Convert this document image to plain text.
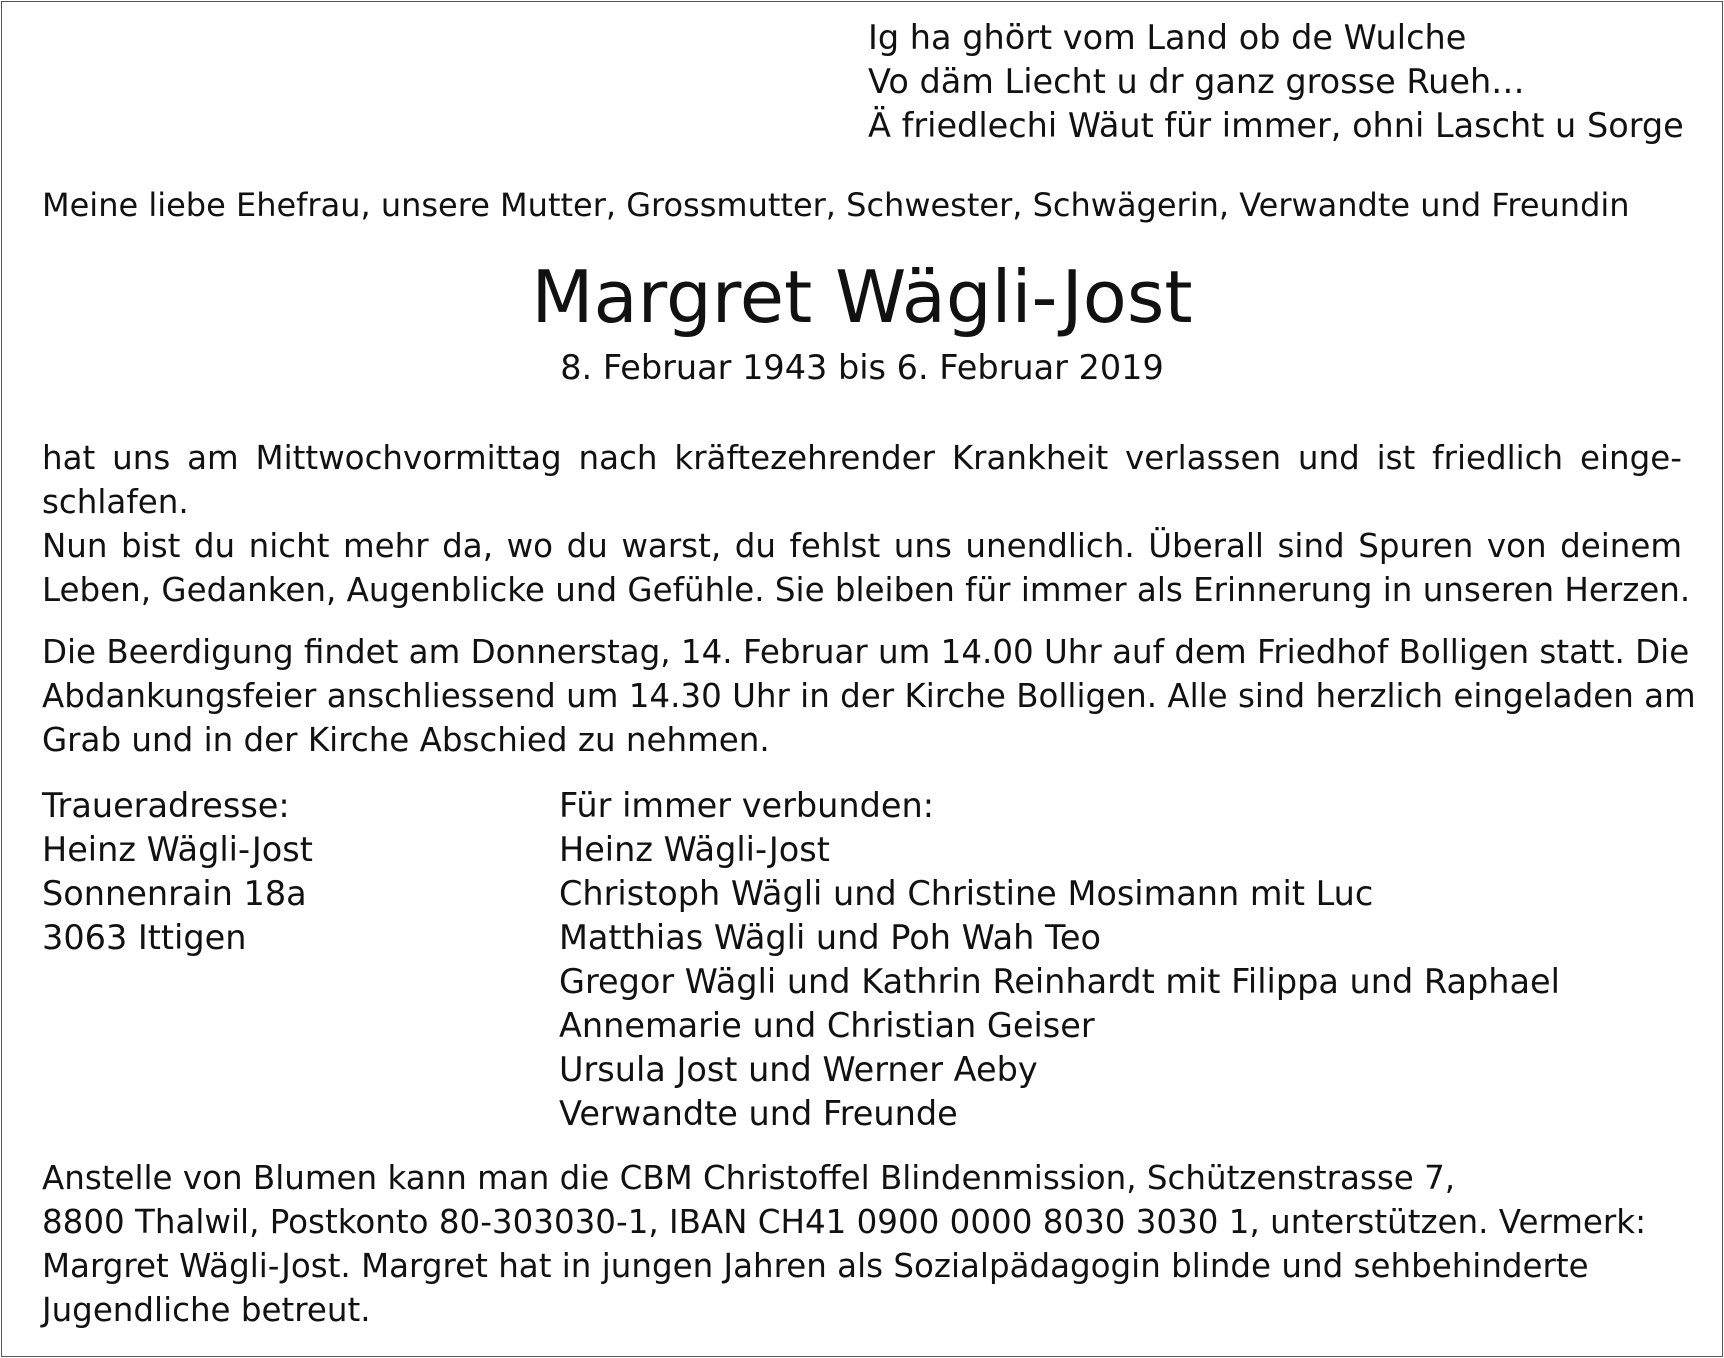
Ig ha ghört vom Land ob de Wulche
Vo däm Liecht u dr ganz grosse Rueh…
Ä friedlechi Wäut für immer, ohni Lascht u Sorge
Meine liebe Ehefrau, unsere Mutter, Grossmutter, Schwester, Schwägerin, Verwandte und Freundin
Margret Wägli-Jost
8. Februar 1943 bis 6. Februar 2019
hat uns am Mittwochvormittag nach kräftezehrender Krankheit verlassen und ist friedlich einge-
schlafen.
Nun bist du nicht mehr da, wo du warst, du fehlst uns unendlich. Überall sind Spuren von deinem
Leben, Gedanken, Augenblicke und Gefühle. Sie bleiben für immer als Erinnerung in unseren Herzen.
Die Beerdigung findet am Donnerstag, 14. Februar um 14.00 Uhr auf dem Friedhof Bolligen statt. Die
Abdankungsfeier anschliessend um 14.30 Uhr in der Kirche Bolligen. Alle sind herzlich eingeladen am
Grab und in der Kirche Abschied zu nehmen.
Traueradresse:
Heinz Wägli-Jost
Sonnenrain 18a
3063 Ittigen
Für immer verbunden:
Heinz Wägli-Jost
Christoph Wägli und Christine Mosimann mit Luc
Matthias Wägli und Poh Wah Teo
Gregor Wägli und Kathrin Reinhardt mit Filippa und Raphael
Annemarie und Christian Geiser
Ursula Jost und Werner Aeby
Verwandte und Freunde
Anstelle von Blumen kann man die CBM Christoffel Blindenmission, Schützenstrasse 7,
8800 Thalwil, Postkonto 80-303030-1, IBAN CH41 0900 0000 8030 3030 1, unterstützen. Vermerk:
Margret Wägli-Jost. Margret hat in jungen Jahren als Sozialpädagogin blinde und sehbehinderte
Jugendliche betreut.
